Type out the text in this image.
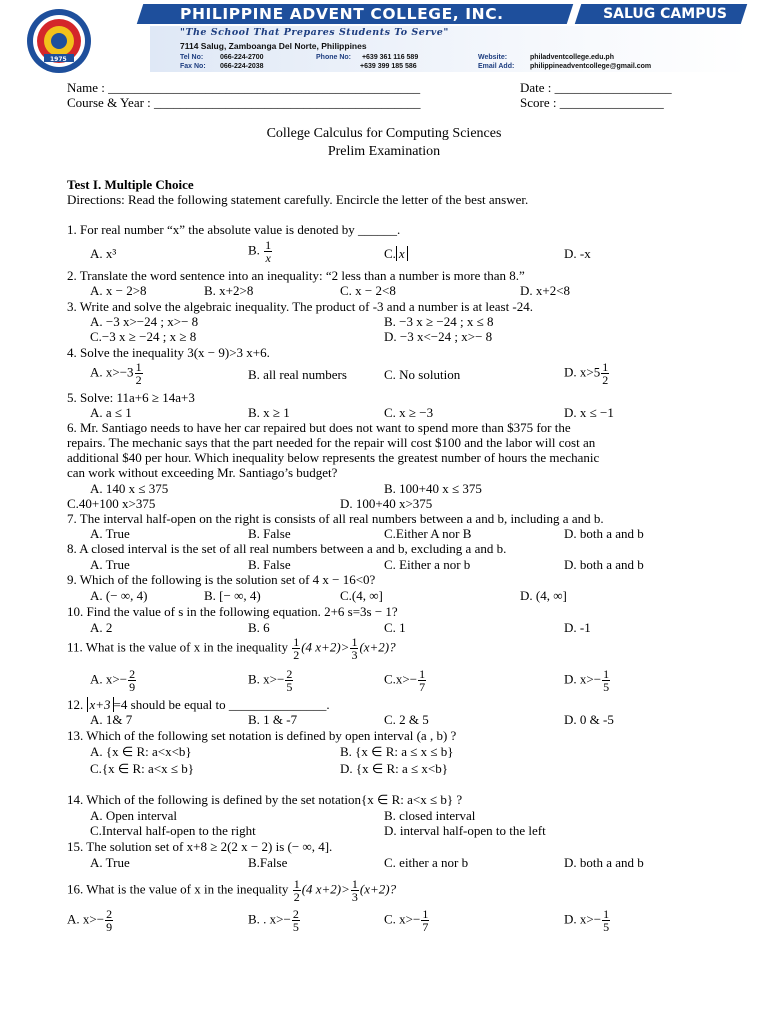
1975
PHILIPPINE ADVENT COLLEGE, INC.	SALUG CAMPUS
"The School That Prepares Students To Serve"
7114 Salug, Zamboanga Del Norte, Philippines
Tel No: 066-224-2700
Fax No: 066-224-2038
Phone No: +639 361 116 589
+639 399 185 586
Website:	philadventcollege.edu.ph
Email Add: philippineadventcollege@gmail.com
Name : ________________________________________________	Date : __________________
Course & Year : _________________________________________	Score : ________________
College Calculus for Computing Sciences
Prelim Examination
Test I. Multiple Choice
Directions: Read the following statement carefully. Encircle the letter of the best answer.
1. For real number “x” the absolute value is denoted by ______.
A. x³	B. $\frac{1}{x}$	C. x	D. -x
2. Translate the word sentence into an inequality: “2 less than a number is more than 8.”
A. x − 2>8	B. x+2>8	C. x − 2<8	D. x+2<8
3. Write and solve the algebraic inequality. The product of -3 and a number is at least -24.
A. −3 x>−24 ; x>− 8	B. −3 x ≥ −24 ; x ≤ 8
C.−3 x ≥ −24 ; x ≥ 8	D. −3 x<−24 ; x>− 8
4. Solve the inequality 3(x − 9)>3 x+6.
A. $x>-3 \frac{1}{2}$	B. all real numbers	C. No solution	D. $x>5 \frac{1}{2}$
5. Solve: 11a+6 ≥ 14a+3
A. a ≤ 1	B. x ≥ 1	C. x ≥ −3	D. x ≤ −1
6. Mr. Santiago needs to have her car repaired but does not want to spend more than $375 for the
repairs. The mechanic says that the part needed for the repair will cost $100 and the labor will cost an
additional $40 per hour. Which inequality below represents the greatest number of hours the mechanic
can work without exceeding Mr. Santiago’s budget?
A. 140 x ≤ 375	B. 100+40 x ≤ 375
C.40+100 x>375	D. 100+40 x>375
7. The interval half-open on the right is consists of all real numbers between a and b, including a and b.
A. True	B. False	C.Either A nor B	D. both a and b
8. A closed interval is the set of all real numbers between a and b, excluding a and b.
A. True	B. False	C. Either a nor b	D. both a and b
9. Which of the following is the solution set of 4 x − 16<0?
A. (− ∞, 4)	B. [− ∞, 4)	C.(4, ∞]	D. (4, ∞]
10. Find the value of s in the following equation. 2+6 s=3s − 1?
A. 2	B. 6	C. 1	D. -1
11. What is the value of x in the inequality $\frac{1}{2} (4$ $x+2)> \frac{1}{3} (x+2)$?
A. $x>- \frac{2}{9}$	B. $x>- \frac{2}{5}$	$C.x>- \frac{1}{7}$	D. $x>- \frac{1}{5}$
12. x+3 =4 should be equal to _______________.
A. 1& 7	B. 1 & -7	C. 2 & 5	D. 0 & -5
13. Which of the following set notation is defined by open interval (a , b) ?
A. {x ∈ R: a<x<b}	B. {x ∈ R: a ≤ x ≤ b}
C.{x ∈ R: a<x ≤ b}	D. {x ∈ R: a ≤ x<b}
14. Which of the following is defined by the set notation{x ∈ R: a<x ≤ b} ?
A. Open interval	B. closed interval
C.Interval half-open to the right	D. interval half-open to the left
15. The solution set of x+8 ≥ 2(2 x − 2) is (− ∞, 4].
A. True	B.False	C. either a nor b	D. both a and b
16. What is the value of x in the inequality $\frac{1}{2} (4$ $x+2)> \frac{1}{3} (x+2)$?
A. $x>- \frac{2}{9}$	B. . $x>- \frac{2}{5}$	C. $x>- \frac{1}{7}$	D. $x>- \frac{1}{5}$
